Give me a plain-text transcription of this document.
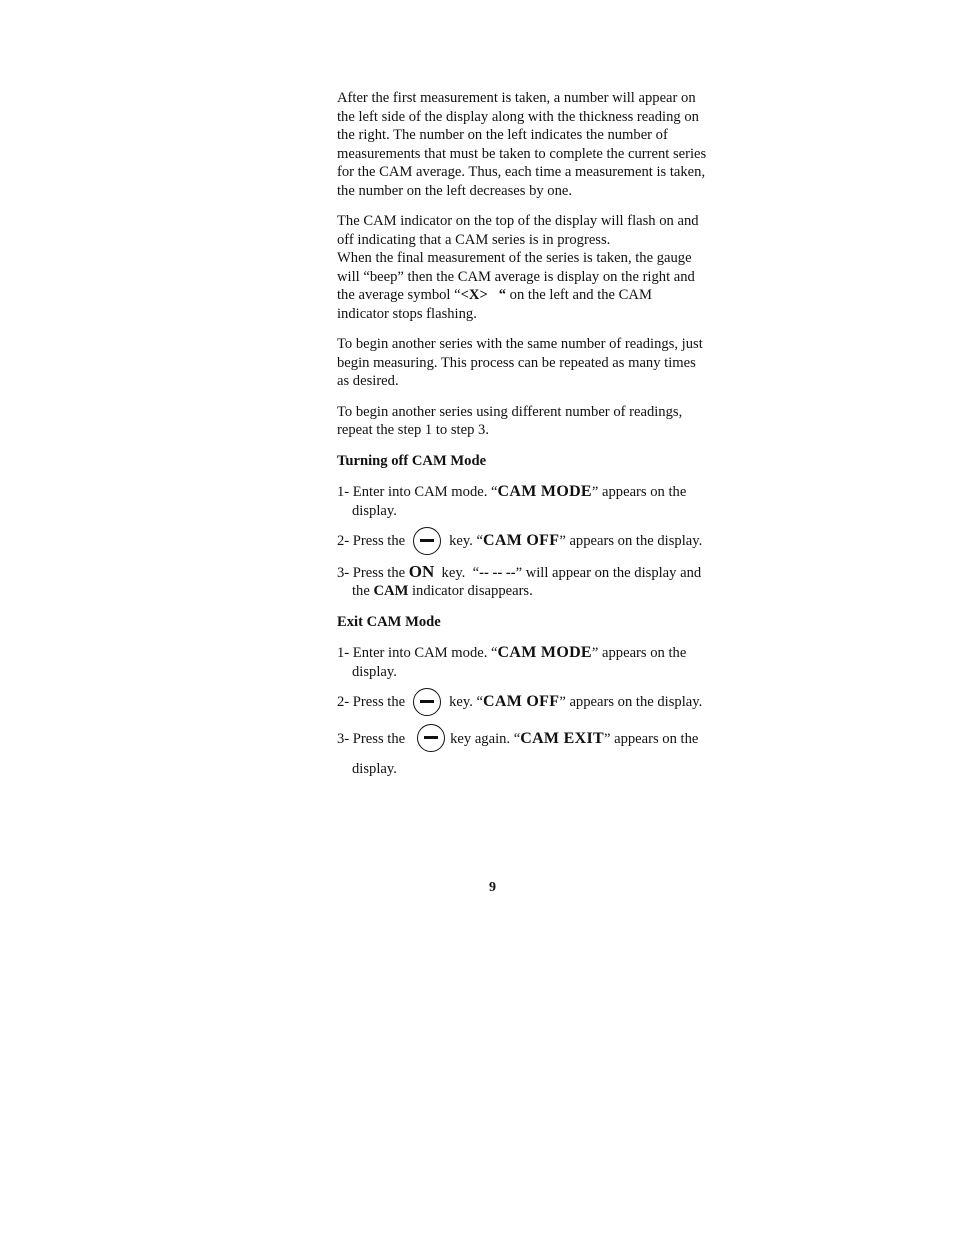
After the first measurement is taken, a number will appear on the left side of the display along with the thickness reading on the right. The number on the left indicates the number of measurements that must be taken to complete the current series for the CAM average. Thus, each time a measurement is taken, the number on the left decreases by one.

The CAM indicator on the top of the display will flash on and off indicating that a CAM series is in progress.
When the final measurement of the series is taken, the gauge will “beep” then the CAM average is display on the right and the average symbol “<X>   “ on the left and the CAM indicator stops flashing.

To begin another series with the same number of readings, just begin measuring. This process can be repeated as many times as desired.

To begin another series using different number of readings, repeat the step 1 to step 3.

Turning off CAM Mode

1- Enter into CAM mode. “CAM MODE” appears on the display.

2- Press the	key. “CAM OFF” appears on the display.

3- Press the ON  key.  “-- -- --” will appear on the display and the CAM indicator disappears.

Exit CAM Mode

1- Enter into CAM mode. “CAM MODE” appears on the display.

2- Press the	key. “CAM OFF” appears on the display.

3- Press the	key again. “CAM EXIT” appears on the display.

9
